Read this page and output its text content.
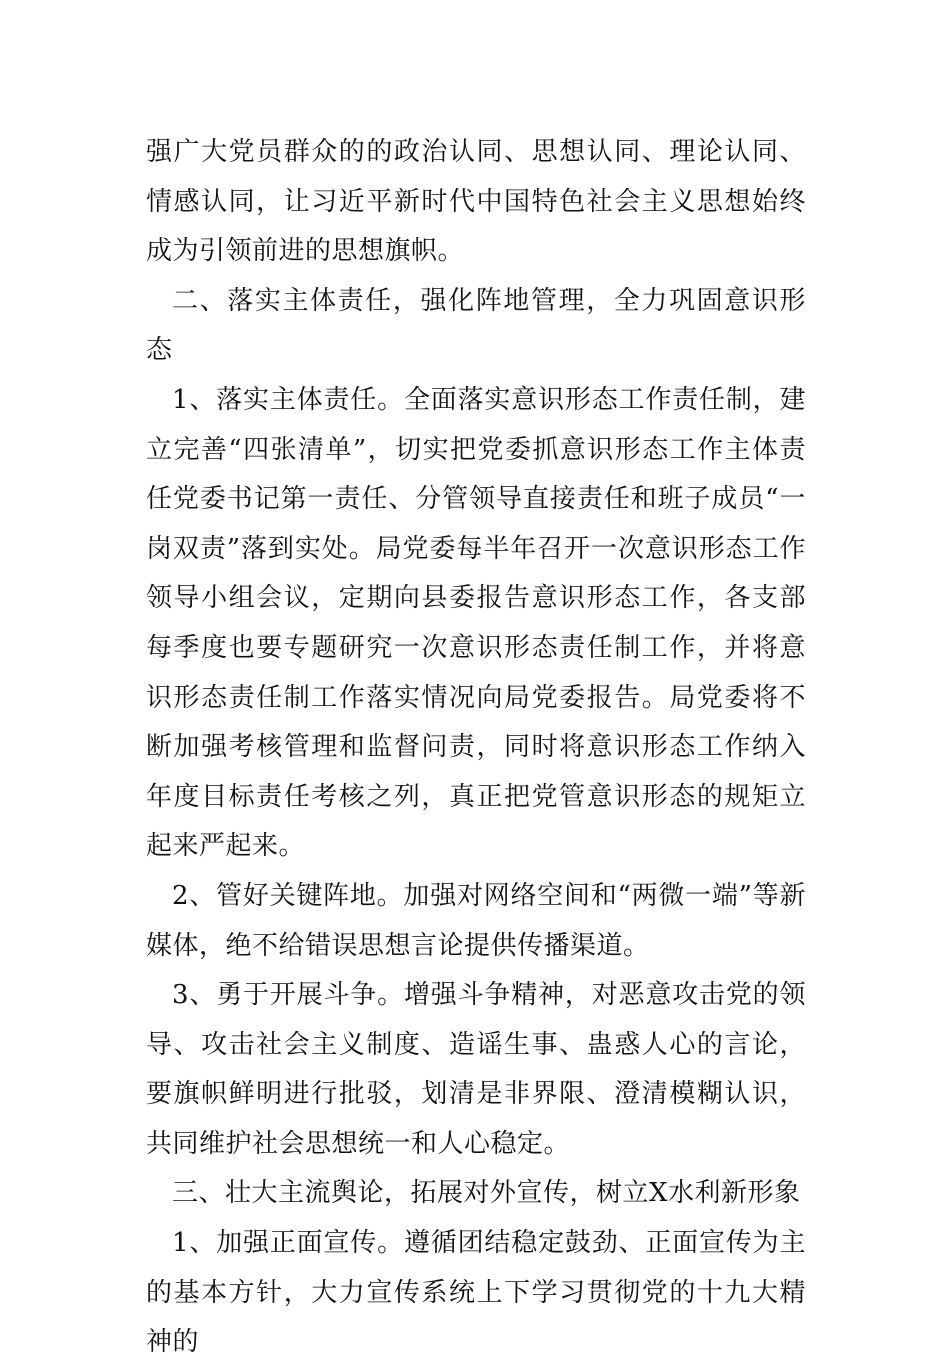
强广大党员群众的的政治认同、思想认同、理论认同、情感认同，让习近平新时代中国特色社会主义思想始终成为引领前进的思想旗帜。

二、落实主体责任，强化阵地管理，全力巩固意识形态

1、落实主体责任。全面落实意识形态工作责任制，建立完善“四张清单”，切实把党委抓意识形态工作主体责任党委书记第一责任、分管领导直接责任和班子成员“一岗双责”落到实处。局党委每半年召开一次意识形态工作领导小组会议，定期向县委报告意识形态工作，各支部每季度也要专题研究一次意识形态责任制工作，并将意识形态责任制工作落实情况向局党委报告。局党委将不断加强考核管理和监督问责，同时将意识形态工作纳入年度目标责任考核之列，真正把党管意识形态的规矩立起来严起来。

2、管好关键阵地。加强对网络空间和“两微一端”等新媒体，绝不给错误思想言论提供传播渠道。

3、勇于开展斗争。增强斗争精神，对恶意攻击党的领导、攻击社会主义制度、造谣生事、蛊惑人心的言论，要旗帜鲜明进行批驳，划清是非界限、澄清模糊认识，共同维护社会思想统一和人心稳定。

三、壮大主流舆论，拓展对外宣传，树立X水利新形象

1、加强正面宣传。遵循团结稳定鼓劲、正面宣传为主的基本方针，大力宣传系统上下学习贯彻党的十九大精神的
